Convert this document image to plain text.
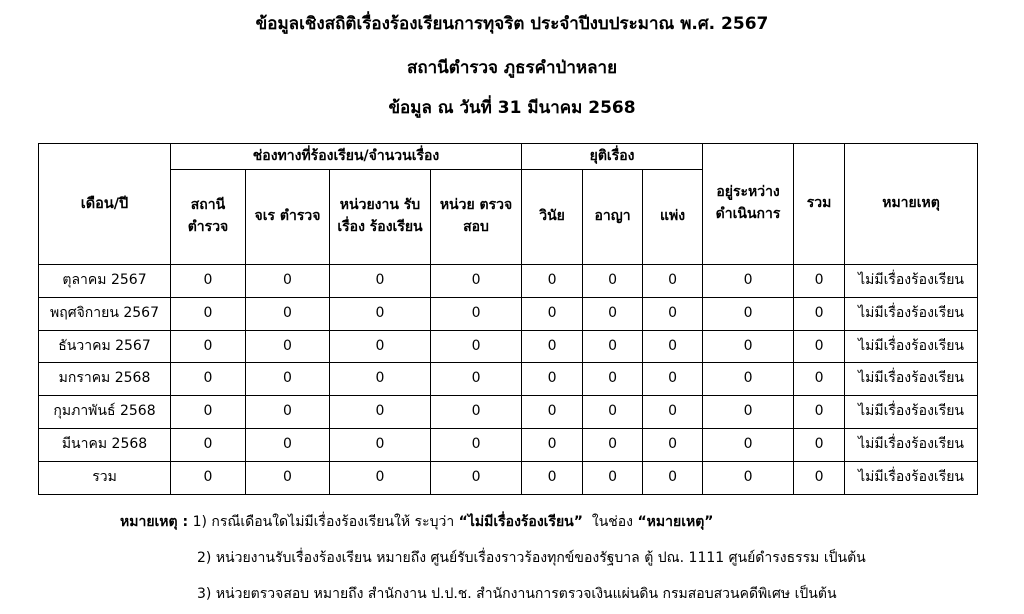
ข้อมูลเชิงสถิติเรื่องร้องเรียนการทุจริต ประจำปีงบประมาณ พ.ศ. 2567
สถานีตำรวจ ภูธรคำป่าหลาย
ข้อมูล ณ วันที่ 31 มีนาคม 2568
เดือน/ปี	ช่องทางที่ร้องเรียน/จำนวนเรื่อง				ยุติเรื่อง			อยู่ระหว่าง ดำเนินการ	รวม	หมายเหตุ
	สถานี ตำรวจ	จเร ตำรวจ	หน่วยงาน รับเรื่อง ร้องเรียน	หน่วย ตรวจสอบ	วินัย	อาญา	แพ่ง			
ตุลาคม 2567	0	0	0	0	0	0	0	0	0	ไม่มีเรื่องร้องเรียน
พฤศจิกายน 2567	0	0	0	0	0	0	0	0	0	ไม่มีเรื่องร้องเรียน
ธันวาคม 2567	0	0	0	0	0	0	0	0	0	ไม่มีเรื่องร้องเรียน
มกราคม 2568	0	0	0	0	0	0	0	0	0	ไม่มีเรื่องร้องเรียน
กุมภาพันธ์ 2568	0	0	0	0	0	0	0	0	0	ไม่มีเรื่องร้องเรียน
มีนาคม 2568	0	0	0	0	0	0	0	0	0	ไม่มีเรื่องร้องเรียน
รวม	0	0	0	0	0	0	0	0	0	ไม่มีเรื่องร้องเรียน
หมายเหตุ : 1) กรณีเดือนใดไม่มีเรื่องร้องเรียนให้ ระบุว่า “ไม่มีเรื่องร้องเรียน” ในช่อง “หมายเหตุ”
2) หน่วยงานรับเรื่องร้องเรียน หมายถึง ศูนย์รับเรื่องราวร้องทุกข์ของรัฐบาล ตู้ ปณ. 1111 ศูนย์ดำรงธรรม เป็นต้น
3) หน่วยตรวจสอบ หมายถึง สำนักงาน ป.ป.ช. สำนักงานการตรวจเงินแผ่นดิน กรมสอบสวนคดีพิเศษ เป็นต้น
